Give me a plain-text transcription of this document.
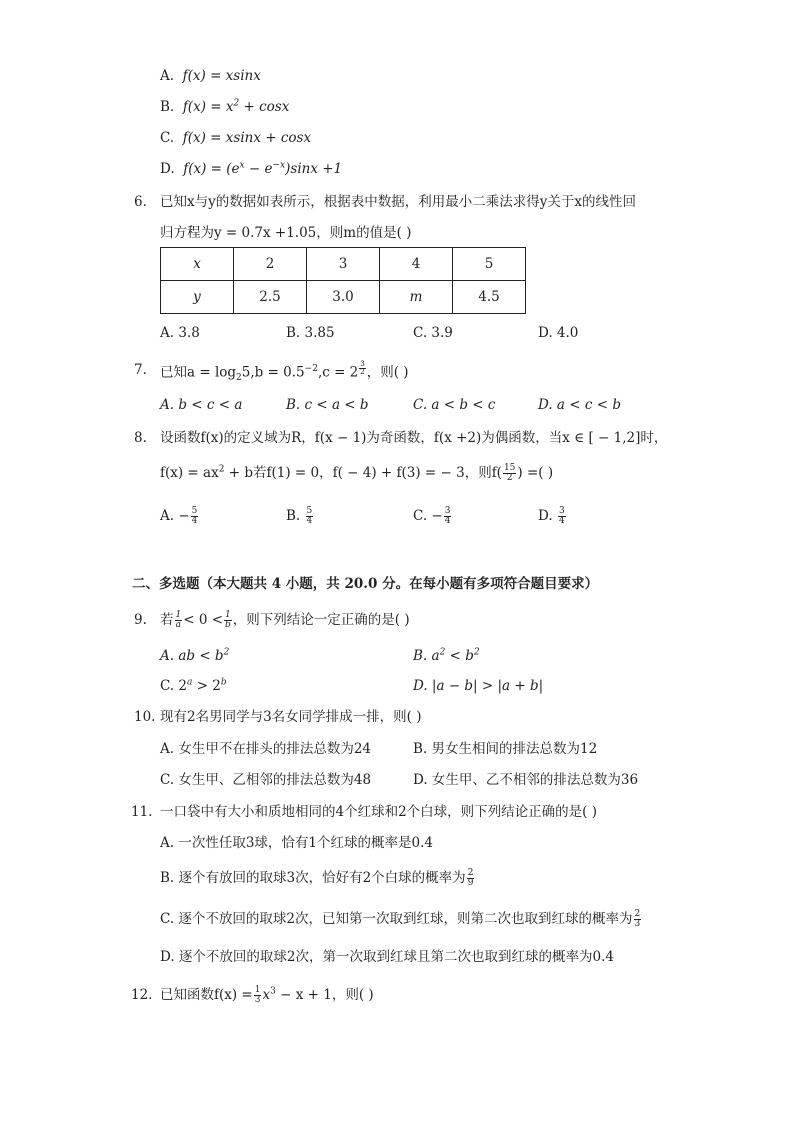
A. f(x) = xsinx
B. $f(x) = x^2 + \cos x$
C. f(x) = xsinx + cosx
D. $f(x) = (e^x - e^{-x})\sin x +1$
6. 已知x与y的数据如表所示，根据表中数据，利用最小二乘法求得y关于x的线性回
归方程为y = 0.7x +1.05，则m的值是( )
x	2	3	4	5
y	2.5	3.0	m	4.5
A. 3.8	B. 3.85	C. 3.9	D. 4.0
7. 已知$a = \log_25,b = 0.5^{-2},c = 2$ $^{\frac{3}{2}}$ ，则( )
A. b < c < a	B. c < a < b	C. a < b < c	D. a < c < b
8. 设函数f(x)的定义域为R，f(x − 1)为奇函数，f(x +2)为偶函数，当x ∈ [ − 1,2]时，
$f(x) = ax^2 + b$若f(1) = 0，f( − 4) + f(3) = − 3，则$f( \frac{15}{2}$ ) =( )
A. − $\frac{5}{4}$	B. $\frac{5}{4}$	C. − $\frac{3}{4}$	D. $\frac{3}{4}$
二、多选题（本大题共 4 小题，共 20.0 分。在每小题有多项符合题目要求）
9. 若 $\frac{1}{a} < 0 < \frac{1}{b}$ ，则下列结论一定正确的是( )
A. ab < $b^2$	B. $a^2 < b^2$
C. $2^a > 2^b$	D. |a − b| > |a + b|
10. 现有2名男同学与3名女同学排成一排，则( )
A. 女生甲不在排头的排法总数为24	B. 男女生相间的排法总数为12
C. 女生甲、乙相邻的排法总数为48	D. 女生甲、乙不相邻的排法总数为36
11. 一口袋中有大小和质地相同的4个红球和2个白球，则下列结论正确的是( )
A. 一次性任取3球，恰有1个红球的概率是0.4
B. 逐个有放回的取球3次，恰好有2个白球的概率为 $\frac{2}{9}$
C. 逐个不放回的取球2次，已知第一次取到红球，则第二次也取到红球的概率为 $\frac{2}{3}$
D. 逐个不放回的取球2次，第一次取到红球且第二次也取到红球的概率为0.4
12. 已知函数$f(x) = \frac{1}{3} x^3 - x + 1$，则( )
